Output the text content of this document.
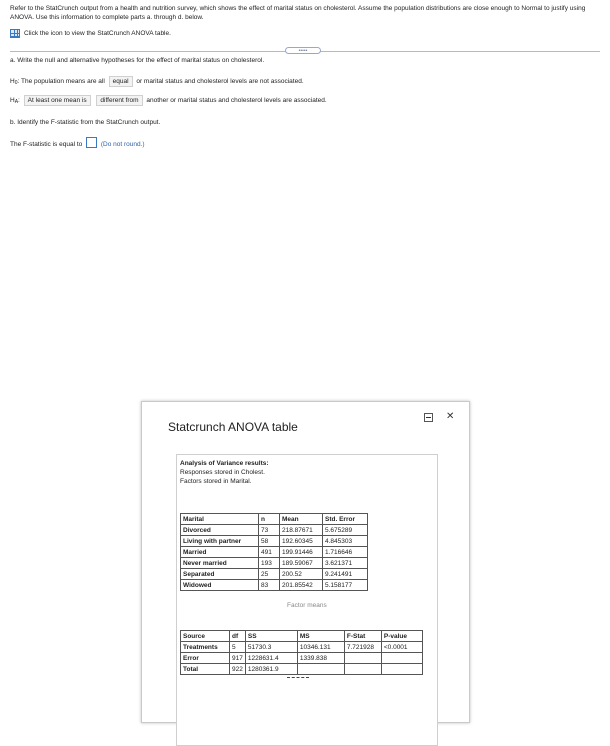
Refer to the StatCrunch output from a health and nutrition survey, which shows the effect of marital status on cholesterol. Assume the population distributions are close enough to Normal to justify using ANOVA. Use this information to complete parts a. through d. below.
Click the icon to view the StatCrunch ANOVA table.
•••••
a. Write the null and alternative hypotheses for the effect of marital status on cholesterol.
$H_0$: The population means are all equal or marital status and cholesterol levels are not associated.
$H_A$: At least one mean is different from another or marital status and cholesterol levels are associated.
b. Identify the F-statistic from the StatCrunch output.
The F-statistic is equal to	(Do not round.)
Statcrunch ANOVA table
✕
Analysis of Variance results:
Responses stored in Cholest.
Factors stored in Marital.
Marital	n	Mean	Std. Error
Divorced	73	218.87671	5.675289
Living with partner	58	192.60345	4.845303
Married	491	199.91446	1.716646
Never married	193	189.59067	3.621371
Separated	25	200.52	9.241491
Widowed	83	201.85542	5.158177
Factor means
Source	df	SS	MS	F-Stat	P-value
Treatments	5	51730.3	10346.131	7.721928	<0.0001
Error	917	1228631.4	1339.838		
Total	922	1280361.9			
